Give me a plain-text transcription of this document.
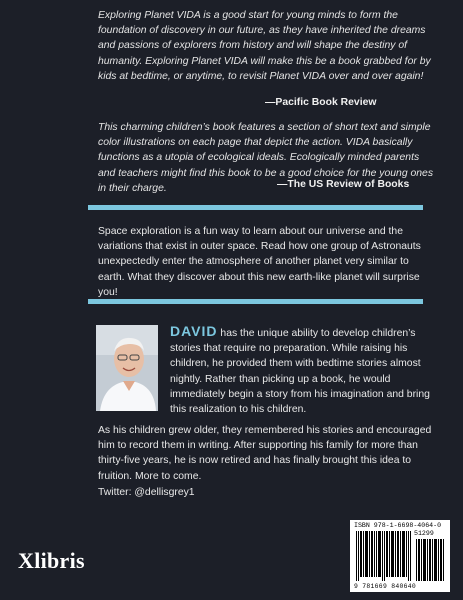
Exploring Planet VIDA is a good start for young minds to form the foundation of discovery in our future, as they have inherited the dreams and passions of explorers from history and will shape the destiny of humanity. Exploring Planet VIDA will make this be a book grabbed for by kids at bedtime, or anytime, to revisit Planet VIDA over and over again!

—Pacific Book Review

This charming children’s book features a section of short text and simple color illustrations on each page that depict the action. VIDA basically functions as a utopia of ecological ideals. Ecologically minded parents and teachers might find this book to be a good choice for the young ones in their charge.	—The US Review of Books

Space exploration is a fun way to learn about our universe and the variations that exist in outer space. Read how one group of Astronauts unexpectedly enter the atmosphere of another planet very similar to earth. What they discover about this new earth-like planet will surprise you!

DAVID has the unique ability to develop children’s stories that require no preparation. While raising his children, he provided them with bedtime stories almost nightly. Rather than picking up a book, he would immediately begin a story from his imagination and bring this realization to his children.

As his children grew older, they remembered his stories and encouraged him to record them in writing. After supporting his family for more than thirty-five years, he is now retired and has finally brought this idea to fruition. More to come.

Twitter: @dellisgrey1
Xlibris
ISBN 978-1-6698-4064-0
51299
9 781669 840640
